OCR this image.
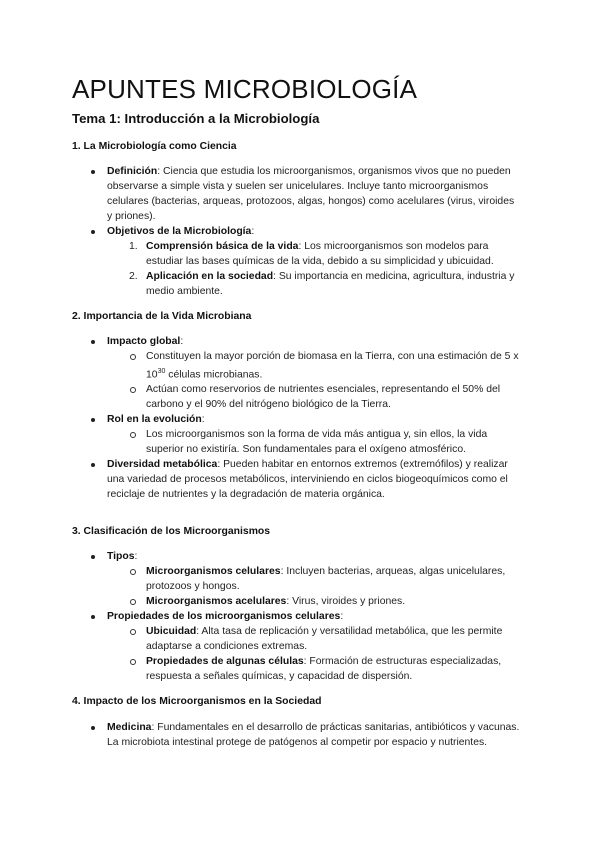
APUNTES MICROBIOLOGÍA
Tema 1: Introducción a la Microbiología
1. La Microbiología como Ciencia
Definición: Ciencia que estudia los microorganismos, organismos vivos que no pueden observarse a simple vista y suelen ser unicelulares. Incluye tanto microorganismos celulares (bacterias, arqueas, protozoos, algas, hongos) como acelulares (virus, viroides y priones).
Objetivos de la Microbiología:
1. Comprensión básica de la vida: Los microorganismos son modelos para estudiar las bases químicas de la vida, debido a su simplicidad y ubicuidad.
2. Aplicación en la sociedad: Su importancia en medicina, agricultura, industria y medio ambiente.
2. Importancia de la Vida Microbiana
Impacto global:
Constituyen la mayor porción de biomasa en la Tierra, con una estimación de 5 x $10^{30}$ células microbianas.
Actúan como reservorios de nutrientes esenciales, representando el 50% del carbono y el 90% del nitrógeno biológico de la Tierra.
Rol en la evolución:
Los microorganismos son la forma de vida más antigua y, sin ellos, la vida superior no existiría. Son fundamentales para el oxígeno atmosférico.
Diversidad metabólica: Pueden habitar en entornos extremos (extremófilos) y realizar una variedad de procesos metabólicos, interviniendo en ciclos biogeoquímicos como el reciclaje de nutrientes y la degradación de materia orgánica.
3. Clasificación de los Microorganismos
Tipos:
Microorganismos celulares: Incluyen bacterias, arqueas, algas unicelulares, protozoos y hongos.
Microorganismos acelulares: Virus, viroides y priones.
Propiedades de los microorganismos celulares:
Ubicuidad: Alta tasa de replicación y versatilidad metabólica, que les permite adaptarse a condiciones extremas.
Propiedades de algunas células: Formación de estructuras especializadas, respuesta a señales químicas, y capacidad de dispersión.
4. Impacto de los Microorganismos en la Sociedad
Medicina: Fundamentales en el desarrollo de prácticas sanitarias, antibióticos y vacunas. La microbiota intestinal protege de patógenos al competir por espacio y nutrientes.
